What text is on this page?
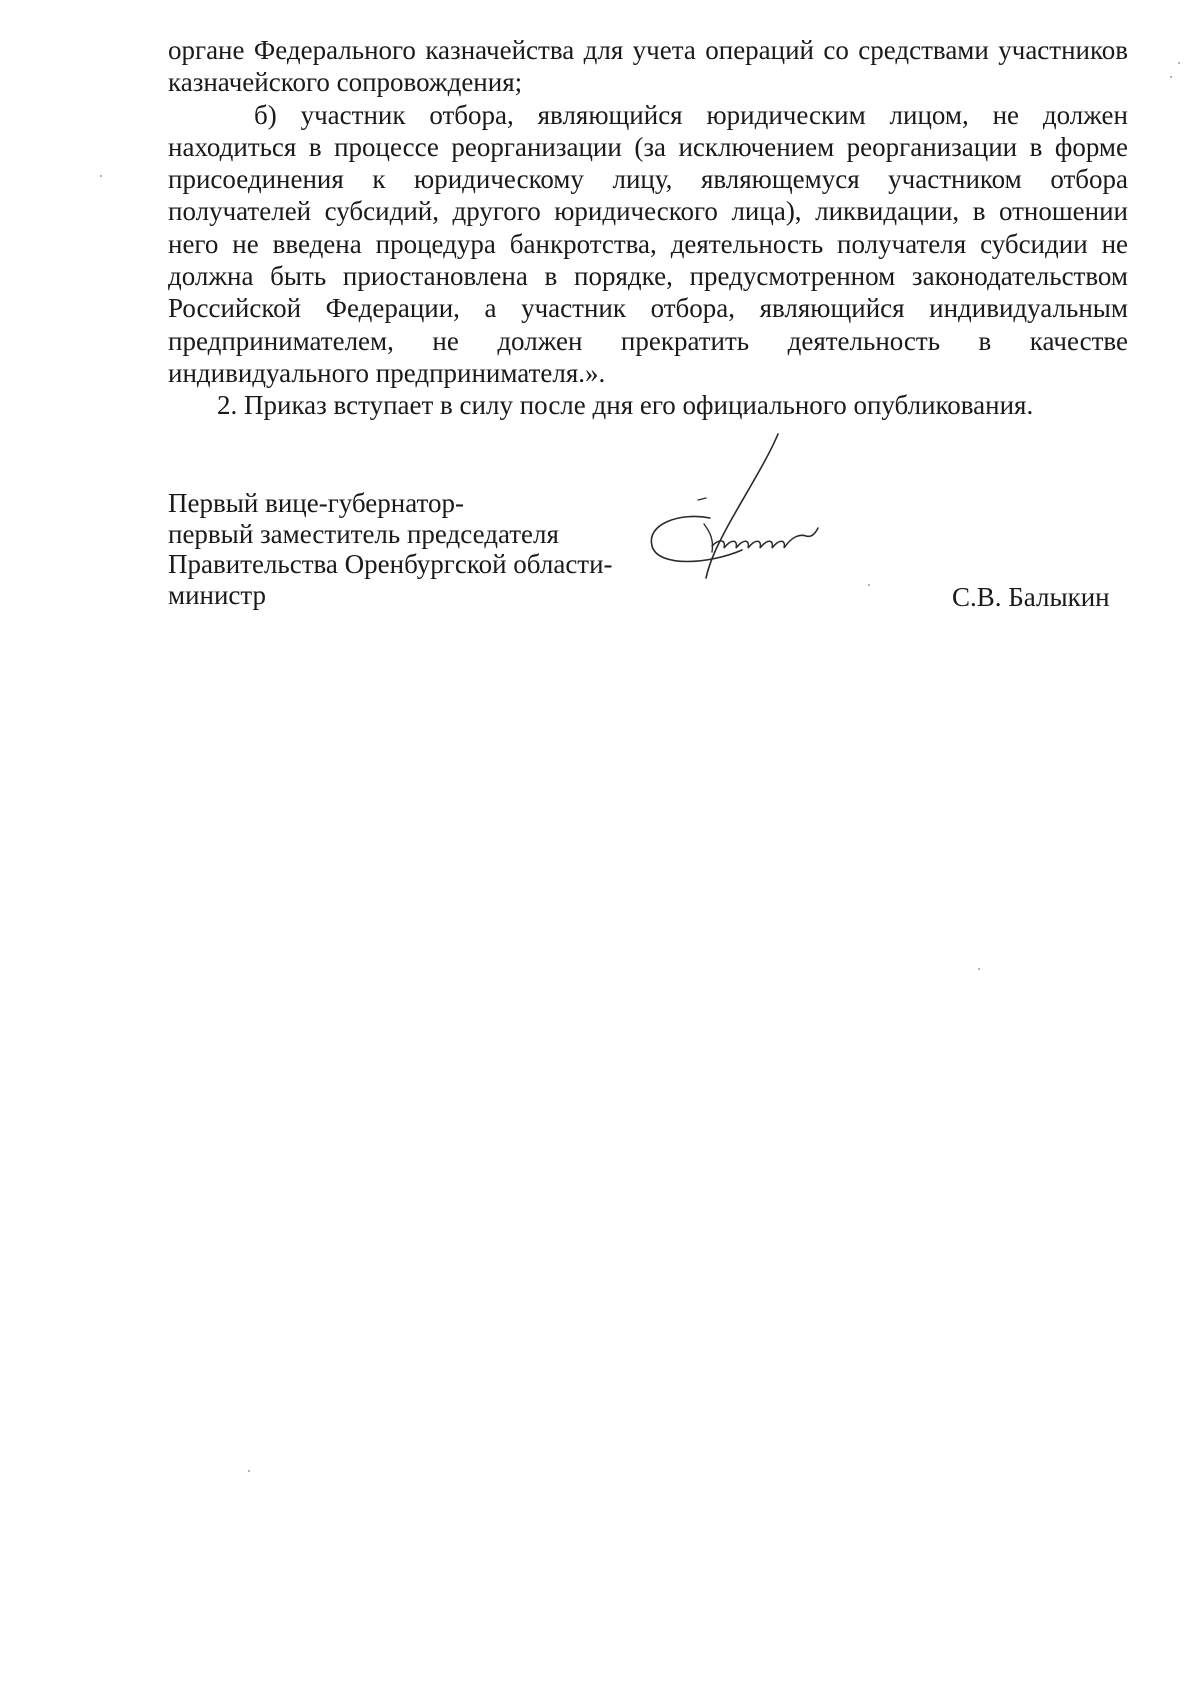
органе Федерального казначейства для учета операций со средствами участников казначейского сопровождения;

б) участник отбора, являющийся юридическим лицом, не должен находиться в процессе реорганизации (за исключением реорганизации в форме присоединения к юридическому лицу, являющемуся участником отбора получателей субсидий, другого юридического лица), ликвидации, в отношении него не введена процедура банкротства, деятельность получателя субсидии не должна быть приостановлена в порядке, предусмотренном законодательством Российской Федерации, а участник отбора, являющийся индивидуальным предпринимателем, не должен прекратить деятельность в качестве индивидуального предпринимателя.».

2. Приказ вступает в силу после дня его официального опубликования.

Первый вице-губернатор-
первый заместитель председателя
Правительства Оренбургской области-
министр	С.В. Балыкин
